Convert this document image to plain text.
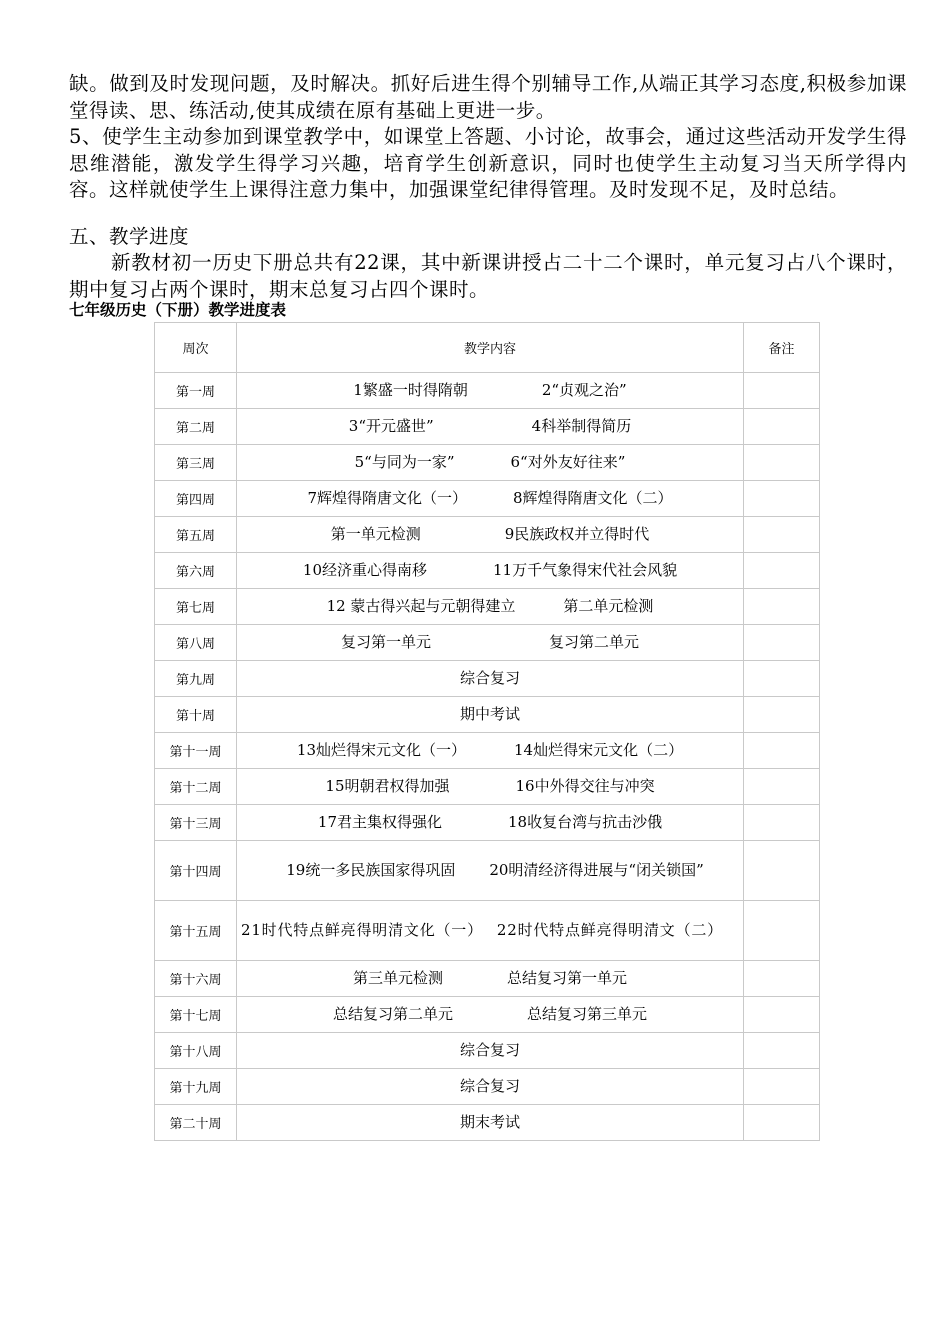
缺。做到及时发现问题，及时解决。抓好后进生得个别辅导工作,从端正其学习态度,积极参加课堂得读、思、练活动,使其成绩在原有基础上更进一步。

5、使学生主动参加到课堂教学中，如课堂上答题、小讨论，故事会，通过这些活动开发学生得思维潜能，激发学生得学习兴趣，培育学生创新意识，同时也使学生主动复习当天所学得内容。这样就使学生上课得注意力集中，加强课堂纪律得管理。及时发现不足，及时总结。

五、教学进度

新教材初一历史下册总共有22课，其中新课讲授占二十二个课时，单元复习占八个课时，期中复习占两个课时，期末总复习占四个课时。

七年级历史（下册）教学进度表
周次	教学内容	备注
第一周	1繁盛一时得隋朝 2“贞观之治”	
第二周	3“开元盛世” 4科举制得简历	
第三周	5“与同为一家” 6“对外友好往来”	
第四周	7辉煌得隋唐文化（一） 8辉煌得隋唐文化（二）	
第五周	第一单元检测 9民族政权并立得时代	
第六周	10经济重心得南移 11万千气象得宋代社会风貌	
第七周	12 蒙古得兴起与元朝得建立 第二单元检测	
第八周	复习第一单元 复习第二单元	
第九周	综合复习	
第十周	期中考试	
第十一周	13灿烂得宋元文化（一） 14灿烂得宋元文化（二）	
第十二周	15明朝君权得加强 16中外得交往与冲突	
第十三周	17君主集权得强化 18收复台湾与抗击沙俄	
第十四周	19统一多民族国家得巩固 20明清经济得进展与“闭关锁国”	
第十五周	21时代特点鲜亮得明清文化（一） 22时代特点鲜亮得明清文（二）	
第十六周	第三单元检测 总结复习第一单元	
第十七周	总结复习第二单元 总结复习第三单元	
第十八周	综合复习	
第十九周	综合复习	
第二十周	期末考试	
